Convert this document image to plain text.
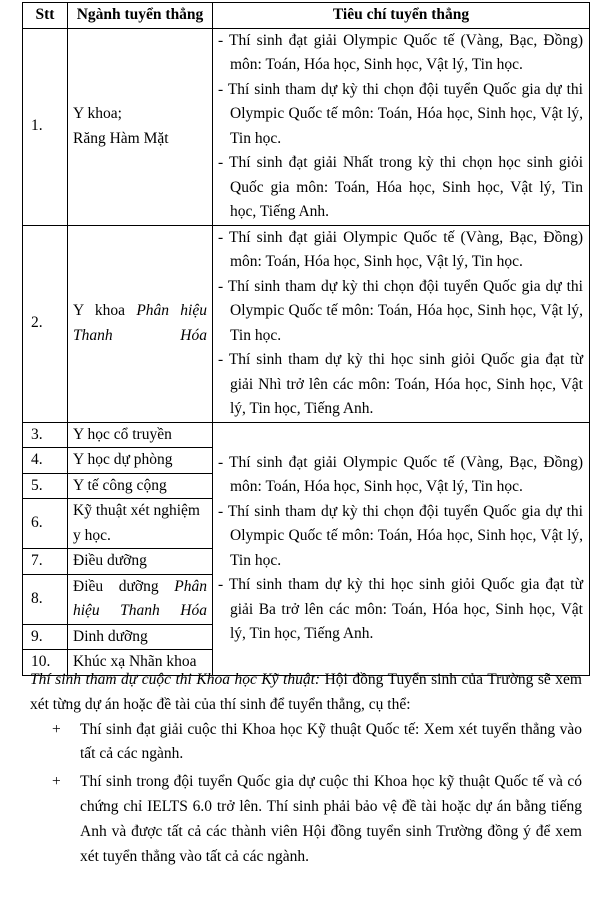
Stt	Ngành tuyển thẳng	Tiêu chí tuyển thẳng
1.	Y khoa;
Răng Hàm Mặt	- Thí sinh đạt giải Olympic Quốc tế (Vàng, Bạc, Đồng) môn: Toán, Hóa học, Sinh học, Vật lý, Tin học.
- Thí sinh tham dự kỳ thi chọn đội tuyển Quốc gia dự thi Olympic Quốc tế môn: Toán, Hóa học, Sinh học, Vật lý, Tin học.
- Thí sinh đạt giải Nhất trong kỳ thi chọn học sinh giỏi Quốc gia môn: Toán, Hóa học, Sinh học, Vật lý, Tin học, Tiếng Anh.

2.	Y khoa Phân hiệu Thanh Hóa	- Thí sinh đạt giải Olympic Quốc tế (Vàng, Bạc, Đồng) môn: Toán, Hóa học, Sinh học, Vật lý, Tin học.
- Thí sinh tham dự kỳ thi chọn đội tuyển Quốc gia dự thi Olympic Quốc tế môn: Toán, Hóa học, Sinh học, Vật lý, Tin học.
- Thí sinh tham dự kỳ thi học sinh giỏi Quốc gia đạt từ giải Nhì trở lên các môn: Toán, Hóa học, Sinh học, Vật lý, Tin học, Tiếng Anh.

3.	Y học cổ truyền	- Thí sinh đạt giải Olympic Quốc tế (Vàng, Bạc, Đồng) môn: Toán, Hóa học, Sinh học, Vật lý, Tin học.
- Thí sinh tham dự kỳ thi chọn đội tuyển Quốc gia dự thi Olympic Quốc tế môn: Toán, Hóa học, Sinh học, Vật lý, Tin học.
- Thí sinh tham dự kỳ thi học sinh giỏi Quốc gia đạt từ giải Ba trở lên các môn: Toán, Hóa học, Sinh học, Vật lý, Tin học, Tiếng Anh.

4.	Y học dự phòng	
5.	Y tế công cộng	
6.	Kỹ thuật xét nghiệm y học.	
7.	Điều dưỡng	
8.	Điều dưỡng Phân hiệu Thanh Hóa	
9.	Dinh dưỡng	
10.	Khúc xạ Nhãn khoa	

Thí sinh tham dự cuộc thi Khoa học Kỹ thuật: Hội đồng Tuyển sinh của Trường sẽ xem xét từng dự án hoặc đề tài của thí sinh để tuyển thẳng, cụ thể:

+ Thí sinh đạt giải cuộc thi Khoa học Kỹ thuật Quốc tế: Xem xét tuyển thẳng vào tất cả các ngành.

+ Thí sinh trong đội tuyển Quốc gia dự cuộc thi Khoa học kỹ thuật Quốc tế và có chứng chỉ IELTS 6.0 trở lên. Thí sinh phải bảo vệ đề tài hoặc dự án bằng tiếng Anh và được tất cả các thành viên Hội đồng tuyển sinh Trường đồng ý để xem xét tuyển thẳng vào tất cả các ngành.
